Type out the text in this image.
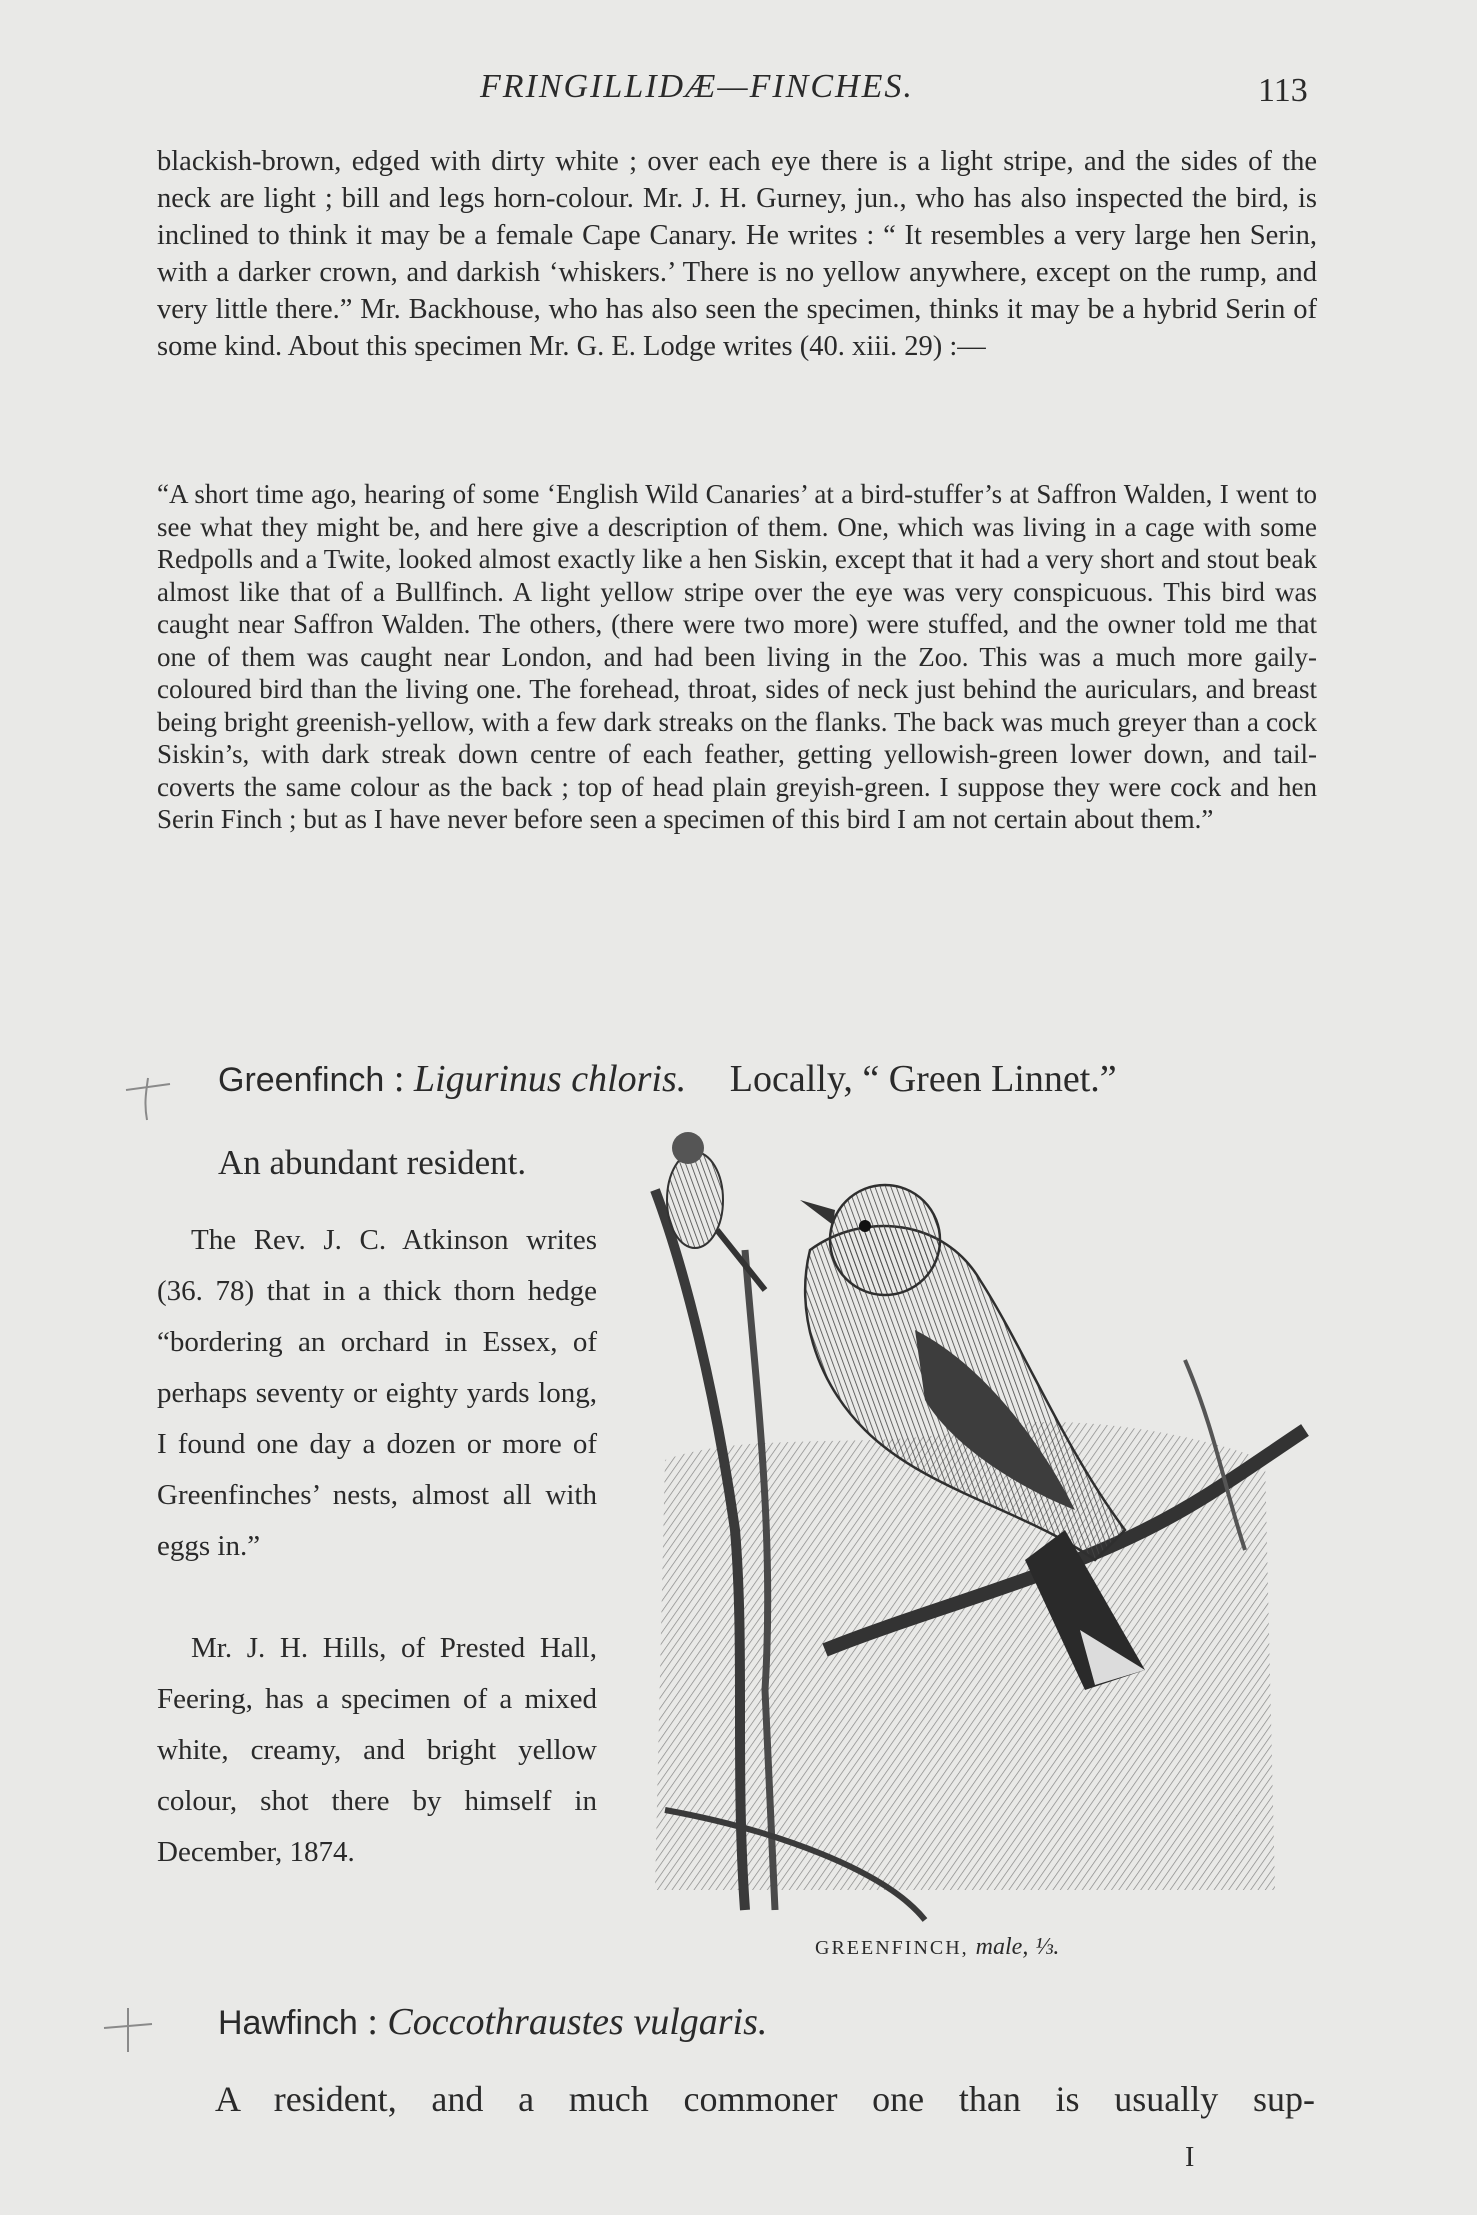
FRINGILLIDÆ—FINCHES.	113
blackish-brown, edged with dirty white ; over each eye there is a light stripe, and the sides of the neck are light ; bill and legs horn-colour. Mr. J. H. Gurney, jun., who has also inspected the bird, is inclined to think it may be a female Cape Canary. He writes : “ It resembles a very large hen Serin, with a darker crown, and darkish ‘whiskers.’ There is no yellow anywhere, except on the rump, and very little there.” Mr. Backhouse, who has also seen the specimen, thinks it may be a hybrid Serin of some kind. About this specimen Mr. G. E. Lodge writes (40. xiii. 29) :—
“A short time ago, hearing of some ‘English Wild Canaries’ at a bird-stuffer’s at Saffron Walden, I went to see what they might be, and here give a description of them. One, which was living in a cage with some Redpolls and a Twite, looked almost exactly like a hen Siskin, except that it had a very short and stout beak almost like that of a Bullfinch. A light yellow stripe over the eye was very conspicuous. This bird was caught near Saffron Walden. The others, (there were two more) were stuffed, and the owner told me that one of them was caught near London, and had been living in the Zoo. This was a much more gaily-coloured bird than the living one. The forehead, throat, sides of neck just behind the auriculars, and breast being bright greenish-yellow, with a few dark streaks on the flanks. The back was much greyer than a cock Siskin’s, with dark streak down centre of each feather, getting yellowish-green lower down, and tail-coverts the same colour as the back ; top of head plain greyish-green. I suppose they were cock and hen Serin Finch ; but as I have never before seen a specimen of this bird I am not certain about them.”
Greenfinch : Ligurinus chloris. Locally, “ Green Linnet.”
An abundant resident.
The Rev. J. C. Atkinson writes (36. 78) that in a thick thorn hedge “bordering an orchard in Essex, of perhaps seventy or eighty yards long, I found one day a dozen or more of Greenfinches’ nests, almost all with eggs in.”
Mr. J. H. Hills, of Prested Hall, Feering, has a specimen of a mixed white, creamy, and bright yellow colour, shot there by himself in December, 1874.
GREENFINCH, male, ⅓.
Hawfinch : Coccothraustes vulgaris.
A resident, and a much commoner one than is usually sup-
I
